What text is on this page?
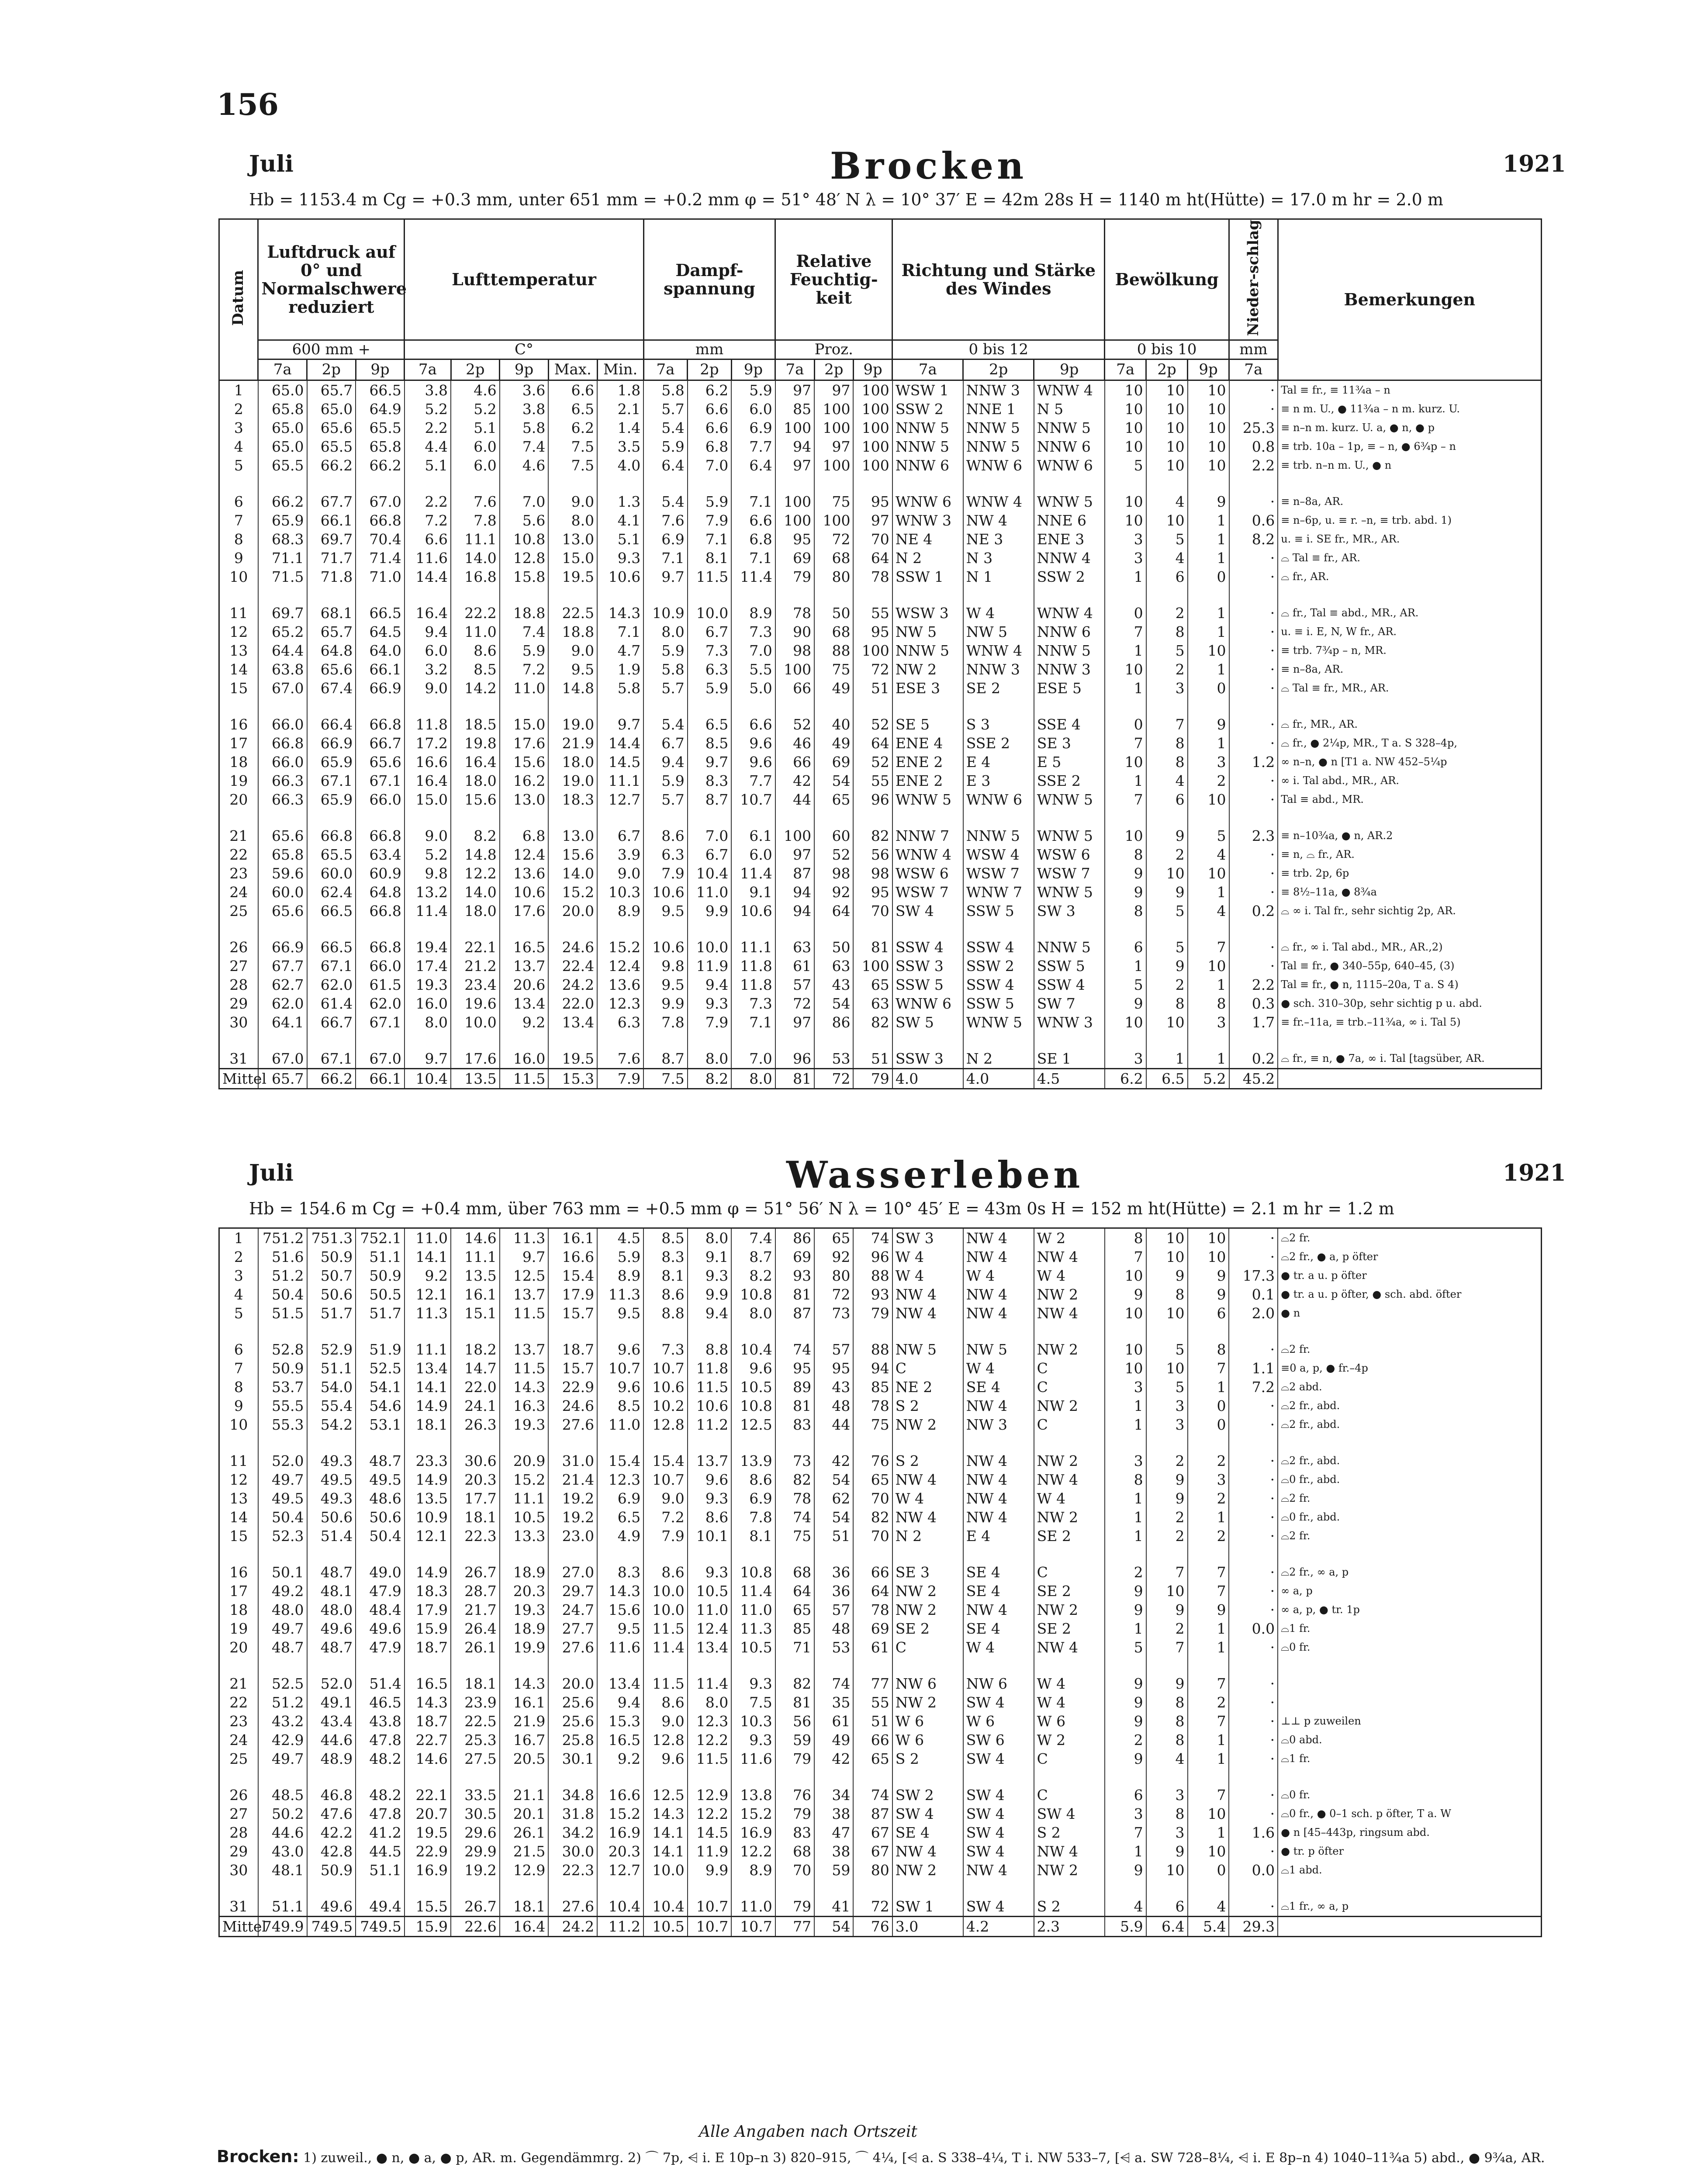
156
Juli	Brocken	1921
Hb = 1153.4 m Cg = +0.3 mm, unter 651 mm = +0.2 mm φ = 51° 48′ N λ = 10° 37′ E = 42m 28s H = 1140 m ht(Hütte) = 17.0 m hr = 2.0 m
Datum	Luftdruck auf 0° und Normalschwere reduziert			Lufttemperatur					Dampf-spannung			Relative Feuchtig-keit			Richtung und Stärke des Windes			Bewölkung			Nieder-schlag	Bemerkungen
	600 mm +			C°					mm			Proz.			0 bis 12			0 bis 10			mm	
	7a	2p	9p	7a	2p	9p	Max.	Min.	7a	2p	9p	7a	2p	9p	7a	2p	9p	7a	2p	9p	7a	
1	65.0	65.7	66.5	3.8	4.6	3.6	6.6	1.8	5.8	6.2	5.9	97	97	100	WSW 1	NNW 3	WNW 4	10	10	10	·	Tal ≡ fr., ≡ 11¾a – n
2	65.8	65.0	64.9	5.2	5.2	3.8	6.5	2.1	5.7	6.6	6.0	85	100	100	SSW 2	NNE 1	N 5	10	10	10	·	≡ n m. U., ● 11¾a – n m. kurz. U.
3	65.0	65.6	65.5	2.2	5.1	5.8	6.2	1.4	5.4	6.6	6.9	100	100	100	NNW 5	NNW 5	NNW 5	10	10	10	25.3	≡ n–n m. kurz. U. a, ● n, ● p
4	65.0	65.5	65.8	4.4	6.0	7.4	7.5	3.5	5.9	6.8	7.7	94	97	100	NNW 5	NNW 5	NNW 6	10	10	10	0.8	≡ trb. 10a – 1p, ≡ – n, ● 6¾p – n
5	65.5	66.2	66.2	5.1	6.0	4.6	7.5	4.0	6.4	7.0	6.4	97	100	100	NNW 6	WNW 6	WNW 6	5	10	10	2.2	≡ trb. n–n m. U., ● n

6	66.2	67.7	67.0	2.2	7.6	7.0	9.0	1.3	5.4	5.9	7.1	100	75	95	WNW 6	WNW 4	WNW 5	10	4	9	·	≡ n–8a, AR.
7	65.9	66.1	66.8	7.2	7.8	5.6	8.0	4.1	7.6	7.9	6.6	100	100	97	WNW 3	NW 4	NNE 6	10	10	1	0.6	≡ n–6p, u. ≡ r. –n, ≡ trb. abd. 1)
8	68.3	69.7	70.4	6.6	11.1	10.8	13.0	5.1	6.9	7.1	6.8	95	72	70	NE 4	NE 3	ENE 3	3	5	1	8.2	u. ≡ i. SE fr., MR., AR.
9	71.1	71.7	71.4	11.6	14.0	12.8	15.0	9.3	7.1	8.1	7.1	69	68	64	N 2	N 3	NNW 4	3	4	1	·	⌓ Tal ≡ fr., AR.
10	71.5	71.8	71.0	14.4	16.8	15.8	19.5	10.6	9.7	11.5	11.4	79	80	78	SSW 1	N 1	SSW 2	1	6	0	·	⌓ fr., AR.

11	69.7	68.1	66.5	16.4	22.2	18.8	22.5	14.3	10.9	10.0	8.9	78	50	55	WSW 3	W 4	WNW 4	0	2	1	·	⌓ fr., Tal ≡ abd., MR., AR.
12	65.2	65.7	64.5	9.4	11.0	7.4	18.8	7.1	8.0	6.7	7.3	90	68	95	NW 5	NW 5	NNW 6	7	8	1	·	u. ≡ i. E, N, W fr., AR.
13	64.4	64.8	64.0	6.0	8.6	5.9	9.0	4.7	5.9	7.3	7.0	98	88	100	NNW 5	WNW 4	NNW 5	1	5	10	·	≡ trb. 7¾p – n, MR.
14	63.8	65.6	66.1	3.2	8.5	7.2	9.5	1.9	5.8	6.3	5.5	100	75	72	NW 2	NNW 3	NNW 3	10	2	1	·	≡ n–8a, AR.
15	67.0	67.4	66.9	9.0	14.2	11.0	14.8	5.8	5.7	5.9	5.0	66	49	51	ESE 3	SE 2	ESE 5	1	3	0	·	⌓ Tal ≡ fr., MR., AR.

16	66.0	66.4	66.8	11.8	18.5	15.0	19.0	9.7	5.4	6.5	6.6	52	40	52	SE 5	S 3	SSE 4	0	7	9	·	⌓ fr., MR., AR.
17	66.8	66.9	66.7	17.2	19.8	17.6	21.9	14.4	6.7	8.5	9.6	46	49	64	ENE 4	SSE 2	SE 3	7	8	1	·	⌓ fr., ● 2¼p, MR., T a. S 328–4p,
18	66.0	65.9	65.6	16.6	16.4	15.6	18.0	14.5	9.4	9.7	9.6	66	69	52	ENE 2	E 4	E 5	10	8	3	1.2	∞ n–n, ● n [T1 a. NW 452–5¼p
19	66.3	67.1	67.1	16.4	18.0	16.2	19.0	11.1	5.9	8.3	7.7	42	54	55	ENE 2	E 3	SSE 2	1	4	2	·	∞ i. Tal abd., MR., AR.
20	66.3	65.9	66.0	15.0	15.6	13.0	18.3	12.7	5.7	8.7	10.7	44	65	96	WNW 5	WNW 6	WNW 5	7	6	10	·	Tal ≡ abd., MR.

21	65.6	66.8	66.8	9.0	8.2	6.8	13.0	6.7	8.6	7.0	6.1	100	60	82	NNW 7	NNW 5	WNW 5	10	9	5	2.3	≡ n–10¾a, ● n, AR.2
22	65.8	65.5	63.4	5.2	14.8	12.4	15.6	3.9	6.3	6.7	6.0	97	52	56	WNW 4	WSW 4	WSW 6	8	2	4	·	≡ n, ⌓ fr., AR.
23	59.6	60.0	60.9	9.8	12.2	13.6	14.0	9.0	7.9	10.4	11.4	87	98	98	WSW 6	WSW 7	WSW 7	9	10	10	·	≡ trb. 2p, 6p
24	60.0	62.4	64.8	13.2	14.0	10.6	15.2	10.3	10.6	11.0	9.1	94	92	95	WSW 7	WNW 7	WNW 5	9	9	1	·	≡ 8½–11a, ● 8¾a
25	65.6	66.5	66.8	11.4	18.0	17.6	20.0	8.9	9.5	9.9	10.6	94	64	70	SW 4	SSW 5	SW 3	8	5	4	0.2	⌓ ∞ i. Tal fr., sehr sichtig 2p, AR.

26	66.9	66.5	66.8	19.4	22.1	16.5	24.6	15.2	10.6	10.0	11.1	63	50	81	SSW 4	SSW 4	NNW 5	6	5	7	·	⌓ fr., ∞ i. Tal abd., MR., AR.,2)
27	67.7	67.1	66.0	17.4	21.2	13.7	22.4	12.4	9.8	11.9	11.8	61	63	100	SSW 3	SSW 2	SSW 5	1	9	10	·	Tal ≡ fr., ● 340–55p, 640–45, (3)
28	62.7	62.0	61.5	19.3	23.4	20.6	24.2	13.6	9.5	9.4	11.8	57	43	65	SSW 5	SSW 4	SSW 4	5	2	1	2.2	Tal ≡ fr., ● n, 1115–20a, T a. S 4)
29	62.0	61.4	62.0	16.0	19.6	13.4	22.0	12.3	9.9	9.3	7.3	72	54	63	WNW 6	SSW 5	SW 7	9	8	8	0.3	● sch. 310–30p, sehr sichtig p u. abd.
30	64.1	66.7	67.1	8.0	10.0	9.2	13.4	6.3	7.8	7.9	7.1	97	86	82	SW 5	WNW 5	WNW 3	10	10	3	1.7	≡ fr.–11a, ≡ trb.–11¾a, ∞ i. Tal 5)

31	67.0	67.1	67.0	9.7	17.6	16.0	19.5	7.6	8.7	8.0	7.0	96	53	51	SSW 3	N 2	SE 1	3	1	1	0.2	⌓ fr., ≡ n, ● 7a, ∞ i. Tal [tagsüber, AR.
Mittel	65.7	66.2	66.1	10.4	13.5	11.5	15.3	7.9	7.5	8.2	8.0	81	72	79	4.0	4.0	4.5	6.2	6.5	5.2	45.2	
Juli	Wasserleben	1921
Hb = 154.6 m Cg = +0.4 mm, über 763 mm = +0.5 mm φ = 51° 56′ N λ = 10° 45′ E = 43m 0s H = 152 m ht(Hütte) = 2.1 m hr = 1.2 m
1	751.2	751.3	752.1	11.0	14.6	11.3	16.1	4.5	8.5	8.0	7.4	86	65	74	SW 3	NW 4	W 2	8	10	10	·	⌓2 fr.
2	51.6	50.9	51.1	14.1	11.1	9.7	16.6	5.9	8.3	9.1	8.7	69	92	96	W 4	NW 4	NW 4	7	10	10	·	⌓2 fr., ● a, p öfter
3	51.2	50.7	50.9	9.2	13.5	12.5	15.4	8.9	8.1	9.3	8.2	93	80	88	W 4	W 4	W 4	10	9	9	17.3	● tr. a u. p öfter
4	50.4	50.6	50.5	12.1	16.1	13.7	17.9	11.3	8.6	9.9	10.8	81	72	93	NW 4	NW 4	NW 2	9	8	9	0.1	● tr. a u. p öfter, ● sch. abd. öfter
5	51.5	51.7	51.7	11.3	15.1	11.5	15.7	9.5	8.8	9.4	8.0	87	73	79	NW 4	NW 4	NW 4	10	10	6	2.0	● n

6	52.8	52.9	51.9	11.1	18.2	13.7	18.7	9.6	7.3	8.8	10.4	74	57	88	NW 5	NW 5	NW 2	10	5	8	·	⌓2 fr.
7	50.9	51.1	52.5	13.4	14.7	11.5	15.7	10.7	10.7	11.8	9.6	95	95	94	C	W 4	C	10	10	7	1.1	≡0 a, p, ● fr.–4p
8	53.7	54.0	54.1	14.1	22.0	14.3	22.9	9.6	10.6	11.5	10.5	89	43	85	NE 2	SE 4	C	3	5	1	7.2	⌓2 abd.
9	55.5	55.4	54.6	14.9	24.1	16.3	24.6	8.5	10.2	10.6	10.8	81	48	78	S 2	NW 4	NW 2	1	3	0	·	⌓2 fr., abd.
10	55.3	54.2	53.1	18.1	26.3	19.3	27.6	11.0	12.8	11.2	12.5	83	44	75	NW 2	NW 3	C	1	3	0	·	⌓2 fr., abd.

11	52.0	49.3	48.7	23.3	30.6	20.9	31.0	15.4	15.4	13.7	13.9	73	42	76	S 2	NW 4	NW 2	3	2	2	·	⌓2 fr., abd.
12	49.7	49.5	49.5	14.9	20.3	15.2	21.4	12.3	10.7	9.6	8.6	82	54	65	NW 4	NW 4	NW 4	8	9	3	·	⌓0 fr., abd.
13	49.5	49.3	48.6	13.5	17.7	11.1	19.2	6.9	9.0	9.3	6.9	78	62	70	W 4	NW 4	W 4	1	9	2	·	⌓2 fr.
14	50.4	50.6	50.6	10.9	18.1	10.5	19.2	6.5	7.2	8.6	7.8	74	54	82	NW 4	NW 4	NW 2	1	2	1	·	⌓0 fr., abd.
15	52.3	51.4	50.4	12.1	22.3	13.3	23.0	4.9	7.9	10.1	8.1	75	51	70	N 2	E 4	SE 2	1	2	2	·	⌓2 fr.

16	50.1	48.7	49.0	14.9	26.7	18.9	27.0	8.3	8.6	9.3	10.8	68	36	66	SE 3	SE 4	C	2	7	7	·	⌓2 fr., ∞ a, p
17	49.2	48.1	47.9	18.3	28.7	20.3	29.7	14.3	10.0	10.5	11.4	64	36	64	NW 2	SE 4	SE 2	9	10	7	·	∞ a, p
18	48.0	48.0	48.4	17.9	21.7	19.3	24.7	15.6	10.0	11.0	11.0	65	57	78	NW 2	NW 4	NW 2	9	9	9	·	∞ a, p, ● tr. 1p
19	49.7	49.6	49.6	15.9	26.4	18.9	27.7	9.5	11.5	12.4	11.3	85	48	69	SE 2	SE 4	SE 2	1	2	1	0.0	⌓1 fr.
20	48.7	48.7	47.9	18.7	26.1	19.9	27.6	11.6	11.4	13.4	10.5	71	53	61	C	W 4	NW 4	5	7	1	·	⌓0 fr.

21	52.5	52.0	51.4	16.5	18.1	14.3	20.0	13.4	11.5	11.4	9.3	82	74	77	NW 6	NW 6	W 4	9	9	7	·	
22	51.2	49.1	46.5	14.3	23.9	16.1	25.6	9.4	8.6	8.0	7.5	81	35	55	NW 2	SW 4	W 4	9	8	2	·	
23	43.2	43.4	43.8	18.7	22.5	21.9	25.6	15.3	9.0	12.3	10.3	56	61	51	W 6	W 6	W 6	9	8	7	·	⊥⊥ p zuweilen
24	42.9	44.6	47.8	22.7	25.3	16.7	25.8	16.5	12.8	12.2	9.3	59	49	66	W 6	SW 6	W 2	2	8	1	·	⌓0 abd.
25	49.7	48.9	48.2	14.6	27.5	20.5	30.1	9.2	9.6	11.5	11.6	79	42	65	S 2	SW 4	C	9	4	1	·	⌓1 fr.

26	48.5	46.8	48.2	22.1	33.5	21.1	34.8	16.6	12.5	12.9	13.8	76	34	74	SW 2	SW 4	C	6	3	7	·	⌓0 fr.
27	50.2	47.6	47.8	20.7	30.5	20.1	31.8	15.2	14.3	12.2	15.2	79	38	87	SW 4	SW 4	SW 4	3	8	10	·	⌓0 fr., ● 0–1 sch. p öfter, T a. W
28	44.6	42.2	41.2	19.5	29.6	26.1	34.2	16.9	14.1	14.5	16.9	83	47	67	SE 4	SW 4	S 2	7	3	1	1.6	● n [45–443p, ringsum abd.
29	43.0	42.8	44.5	22.9	29.9	21.5	30.0	20.3	14.1	11.9	12.2	68	38	67	NW 4	SW 4	NW 4	1	9	10	·	● tr. p öfter
30	48.1	50.9	51.1	16.9	19.2	12.9	22.3	12.7	10.0	9.9	8.9	70	59	80	NW 2	NW 4	NW 2	9	10	0	0.0	⌓1 abd.

31	51.1	49.6	49.4	15.5	26.7	18.1	27.6	10.4	10.4	10.7	11.0	79	41	72	SW 1	SW 4	S 2	4	6	4	·	⌓1 fr., ∞ a, p
Mittel	749.9	749.5	749.5	15.9	22.6	16.4	24.2	11.2	10.5	10.7	10.7	77	54	76	3.0	4.2	2.3	5.9	6.4	5.4	29.3	
Alle Angaben nach Ortszeit
Brocken: 1) zuweil., ● n, ● a, ● p, AR. m. Gegendämmrg. 2) ⌒ 7p, ⩤ i. E 10p–n 3) 820–915, ⌒ 4¼, [⩤ a. S 338–4¼, T i. NW 533–7, [⩤ a. SW 728–8¼, ⩤ i. E 8p–n 4) 1040–11¾a 5) abd., ● 9¾a, AR.
